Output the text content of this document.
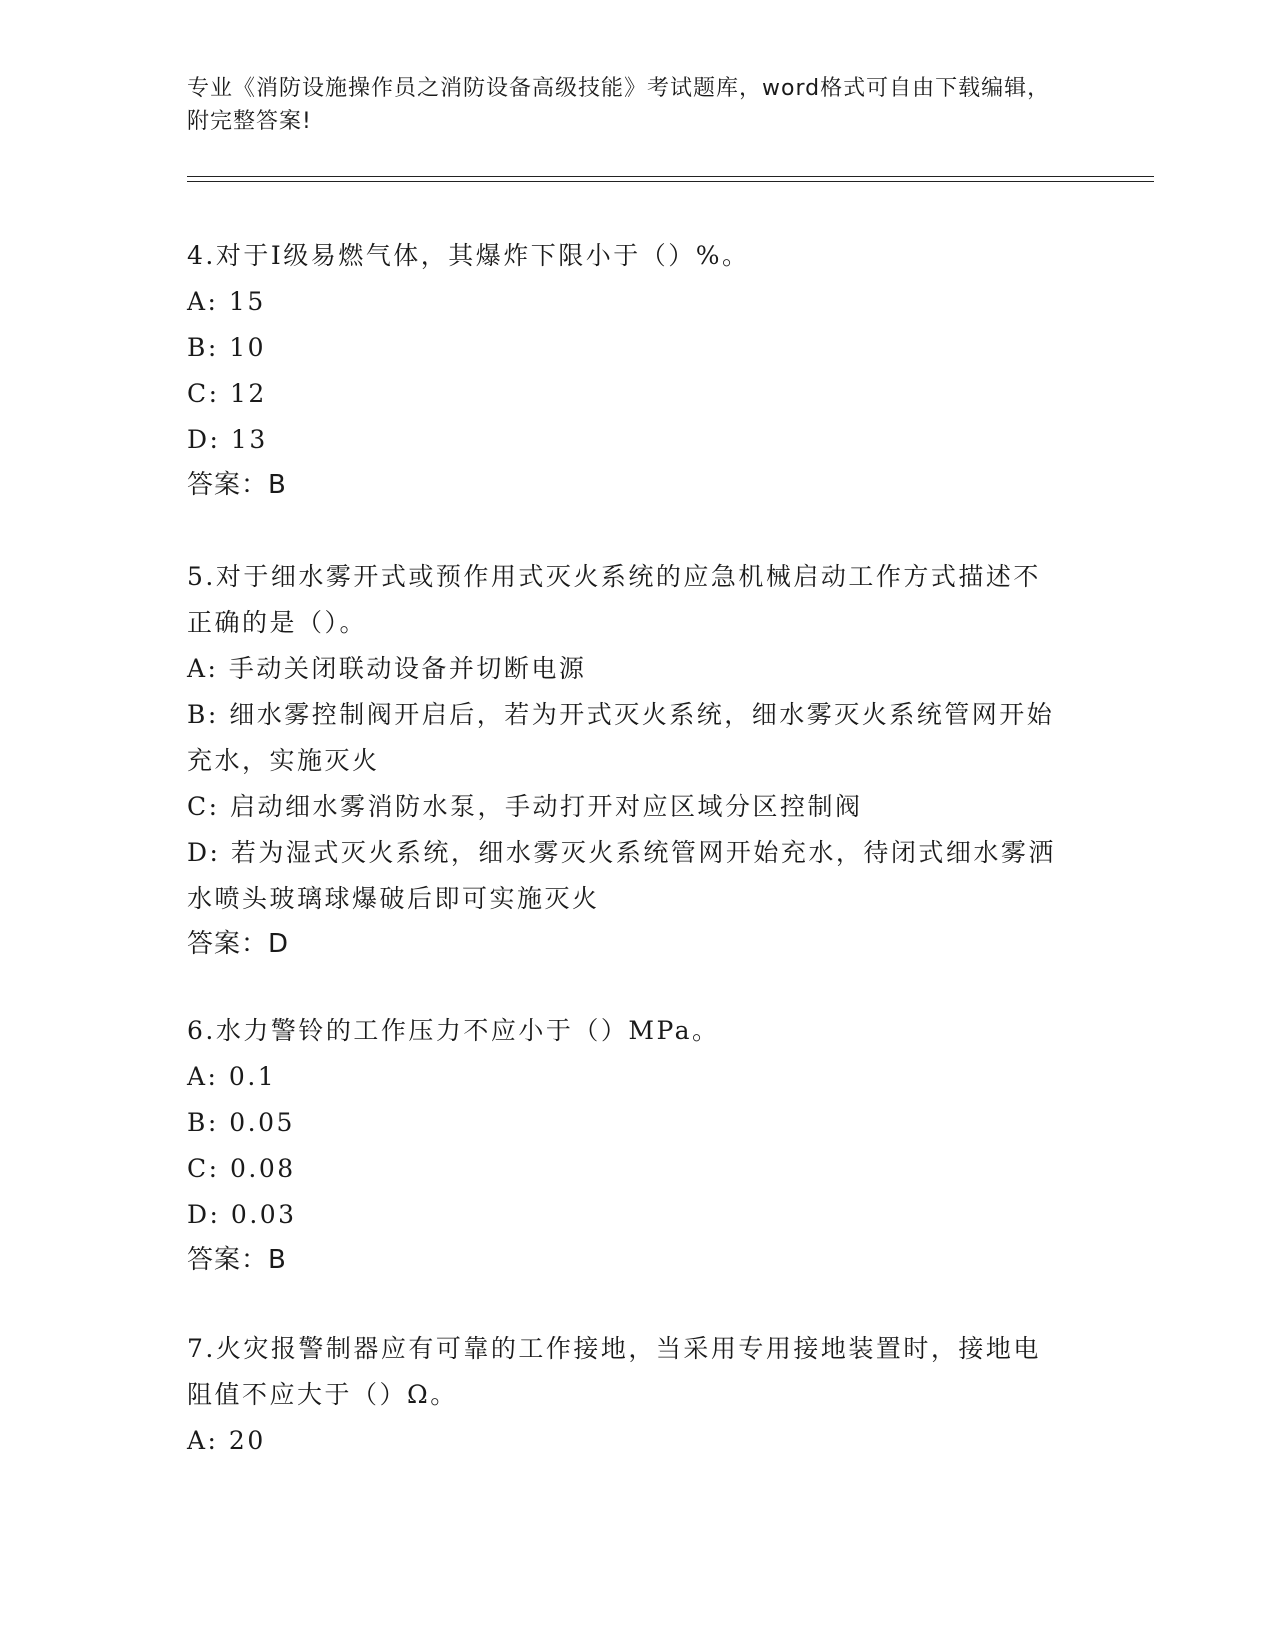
专业《消防设施操作员之消防设备高级技能》考试题库，word格式可自由下载编辑，附完整答案!
4.对于Ⅰ级易燃气体，其爆炸下限小于（）%。
A: 15
B: 10
C: 12
D: 13
答案：B
5.对于细水雾开式或预作用式灭火系统的应急机械启动工作方式描述不正确的是（）。
A: 手动关闭联动设备并切断电源
B: 细水雾控制阀开启后，若为开式灭火系统，细水雾灭火系统管网开始充水，实施灭火
C: 启动细水雾消防水泵，手动打开对应区域分区控制阀
D: 若为湿式灭火系统，细水雾灭火系统管网开始充水，待闭式细水雾洒水喷头玻璃球爆破后即可实施灭火
答案：D
6.水力警铃的工作压力不应小于（）MPa。
A: 0.1
B: 0.05
C: 0.08
D: 0.03
答案：B
7.火灾报警制器应有可靠的工作接地，当采用专用接地装置时，接地电阻值不应大于（）Ω。
A: 20
